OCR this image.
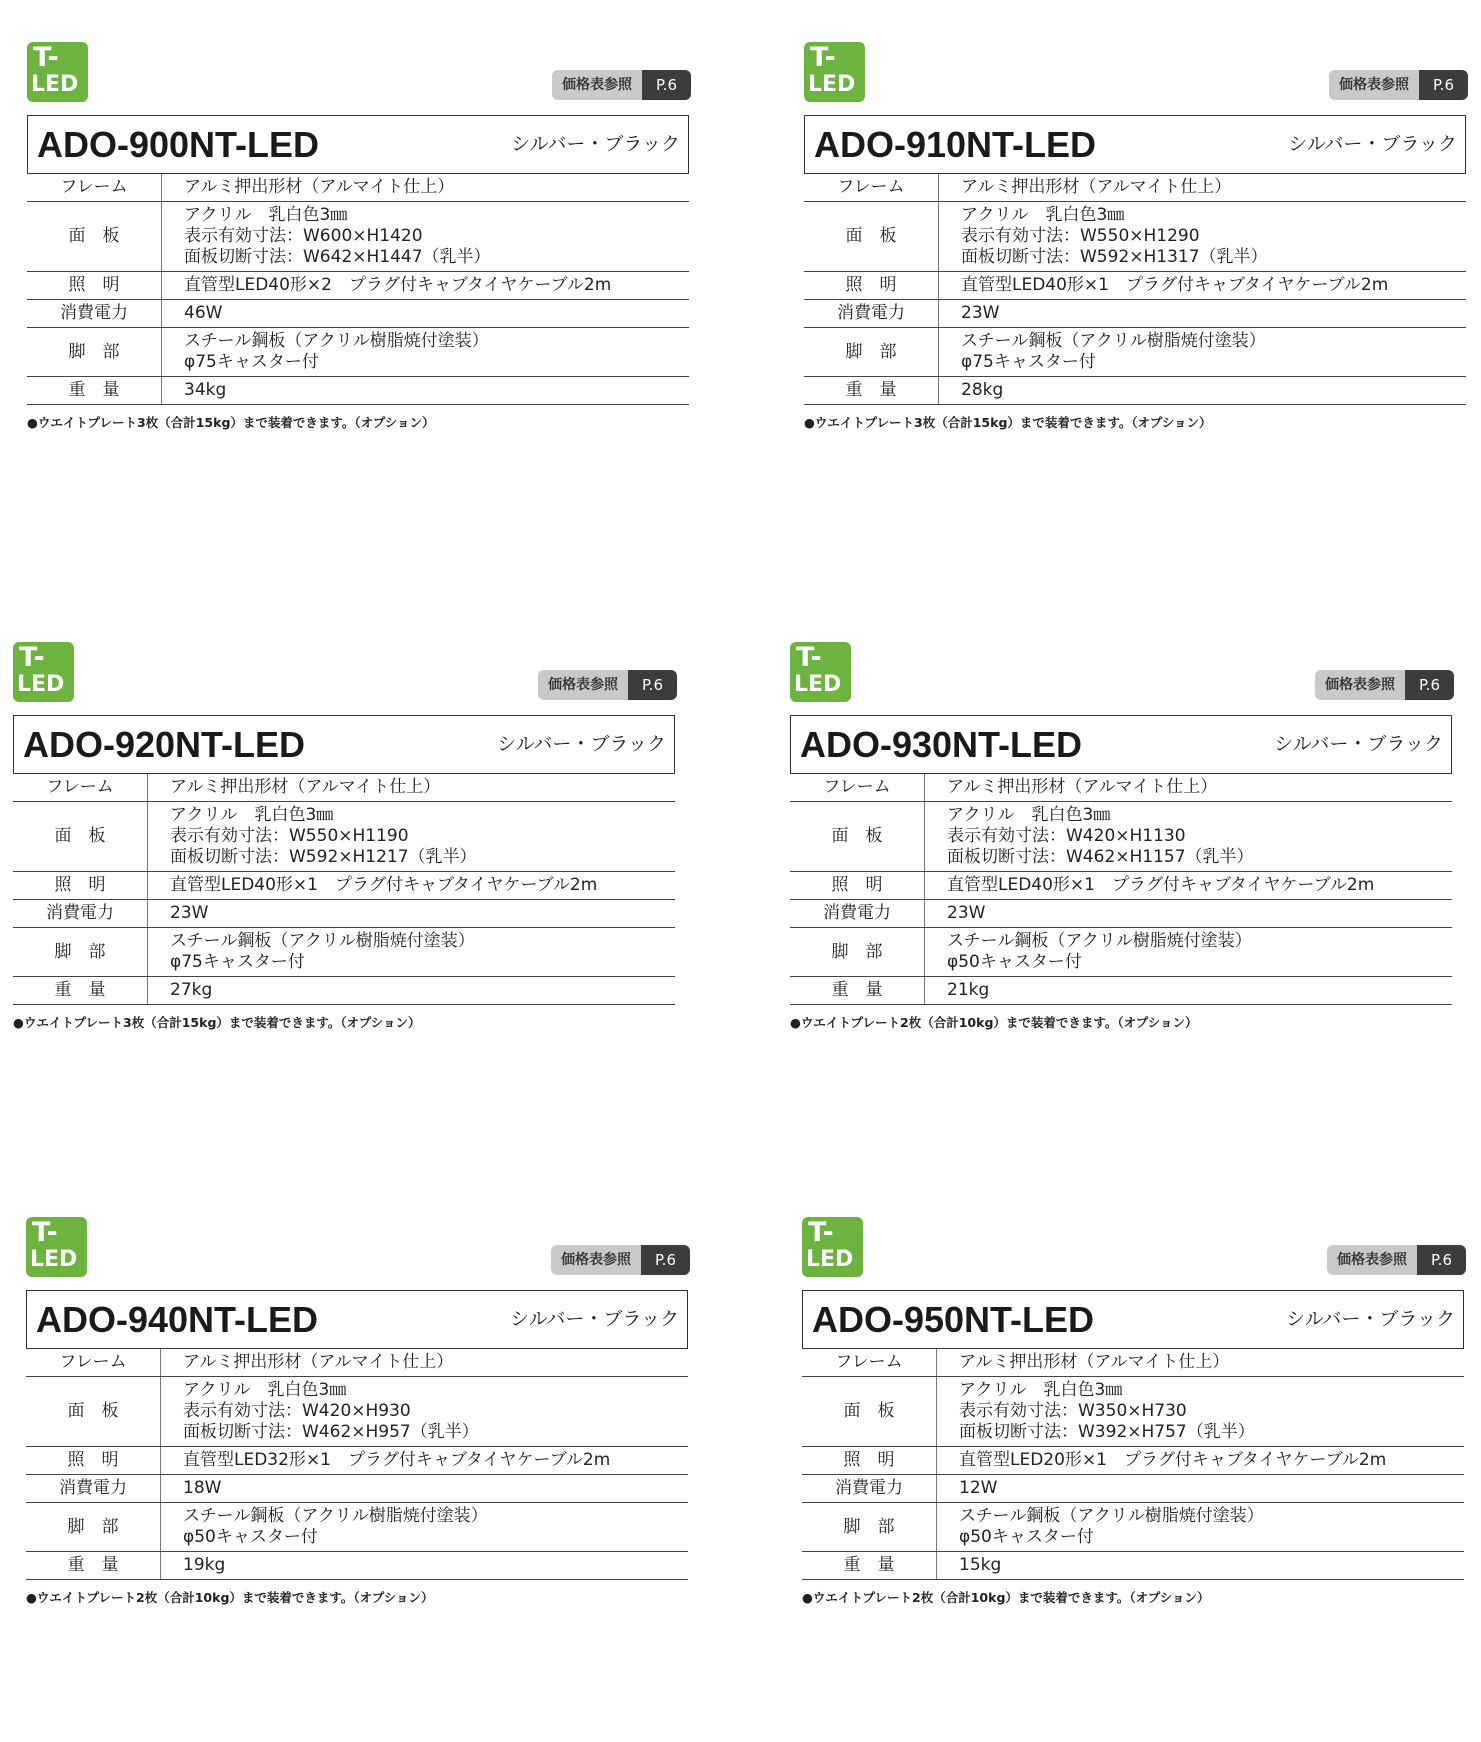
T-
LED	価格表参照	P.6
ADO-900NT-LED	シルバー・ブラック
フレーム	アルミ押出形材（アルマイト仕上）

面　板	アクリル　乳白色3㎜
表示有効寸法：W600×H1420
面板切断寸法：W642×H1447（乳半）

照　明	直管型LED40形×2　プラグ付キャブタイヤケーブル2m

消費電力	46W

脚　部	スチール鋼板（アクリル樹脂焼付塗装）
φ75キャスター付

重　量	34kg
●ウエイトプレート3枚（合計15kg）まで装着できます。（オプション）
T-
LED	価格表参照	P.6
ADO-910NT-LED	シルバー・ブラック
フレーム	アルミ押出形材（アルマイト仕上）

面　板	アクリル　乳白色3㎜
表示有効寸法：W550×H1290
面板切断寸法：W592×H1317（乳半）

照　明	直管型LED40形×1　プラグ付キャブタイヤケーブル2m

消費電力	23W

脚　部	スチール鋼板（アクリル樹脂焼付塗装）
φ75キャスター付

重　量	28kg
●ウエイトプレート3枚（合計15kg）まで装着できます。（オプション）
T-
LED	価格表参照	P.6
ADO-920NT-LED	シルバー・ブラック
フレーム	アルミ押出形材（アルマイト仕上）

面　板	アクリル　乳白色3㎜
表示有効寸法：W550×H1190
面板切断寸法：W592×H1217（乳半）

照　明	直管型LED40形×1　プラグ付キャブタイヤケーブル2m

消費電力	23W

脚　部	スチール鋼板（アクリル樹脂焼付塗装）
φ75キャスター付

重　量	27kg
●ウエイトプレート3枚（合計15kg）まで装着できます。（オプション）
T-
LED	価格表参照	P.6
ADO-930NT-LED	シルバー・ブラック
フレーム	アルミ押出形材（アルマイト仕上）

面　板	アクリル　乳白色3㎜
表示有効寸法：W420×H1130
面板切断寸法：W462×H1157（乳半）

照　明	直管型LED40形×1　プラグ付キャブタイヤケーブル2m

消費電力	23W

脚　部	スチール鋼板（アクリル樹脂焼付塗装）
φ50キャスター付

重　量	21kg
●ウエイトプレート2枚（合計10kg）まで装着できます。（オプション）
T-
LED	価格表参照	P.6
ADO-940NT-LED	シルバー・ブラック
フレーム	アルミ押出形材（アルマイト仕上）

面　板	アクリル　乳白色3㎜
表示有効寸法：W420×H930
面板切断寸法：W462×H957（乳半）

照　明	直管型LED32形×1　プラグ付キャブタイヤケーブル2m

消費電力	18W

脚　部	スチール鋼板（アクリル樹脂焼付塗装）
φ50キャスター付

重　量	19kg
●ウエイトプレート2枚（合計10kg）まで装着できます。（オプション）
T-
LED	価格表参照	P.6
ADO-950NT-LED	シルバー・ブラック
フレーム	アルミ押出形材（アルマイト仕上）

面　板	アクリル　乳白色3㎜
表示有効寸法：W350×H730
面板切断寸法：W392×H757（乳半）

照　明	直管型LED20形×1　プラグ付キャブタイヤケーブル2m

消費電力	12W

脚　部	スチール鋼板（アクリル樹脂焼付塗装）
φ50キャスター付

重　量	15kg
●ウエイトプレート2枚（合計10kg）まで装着できます。（オプション）
